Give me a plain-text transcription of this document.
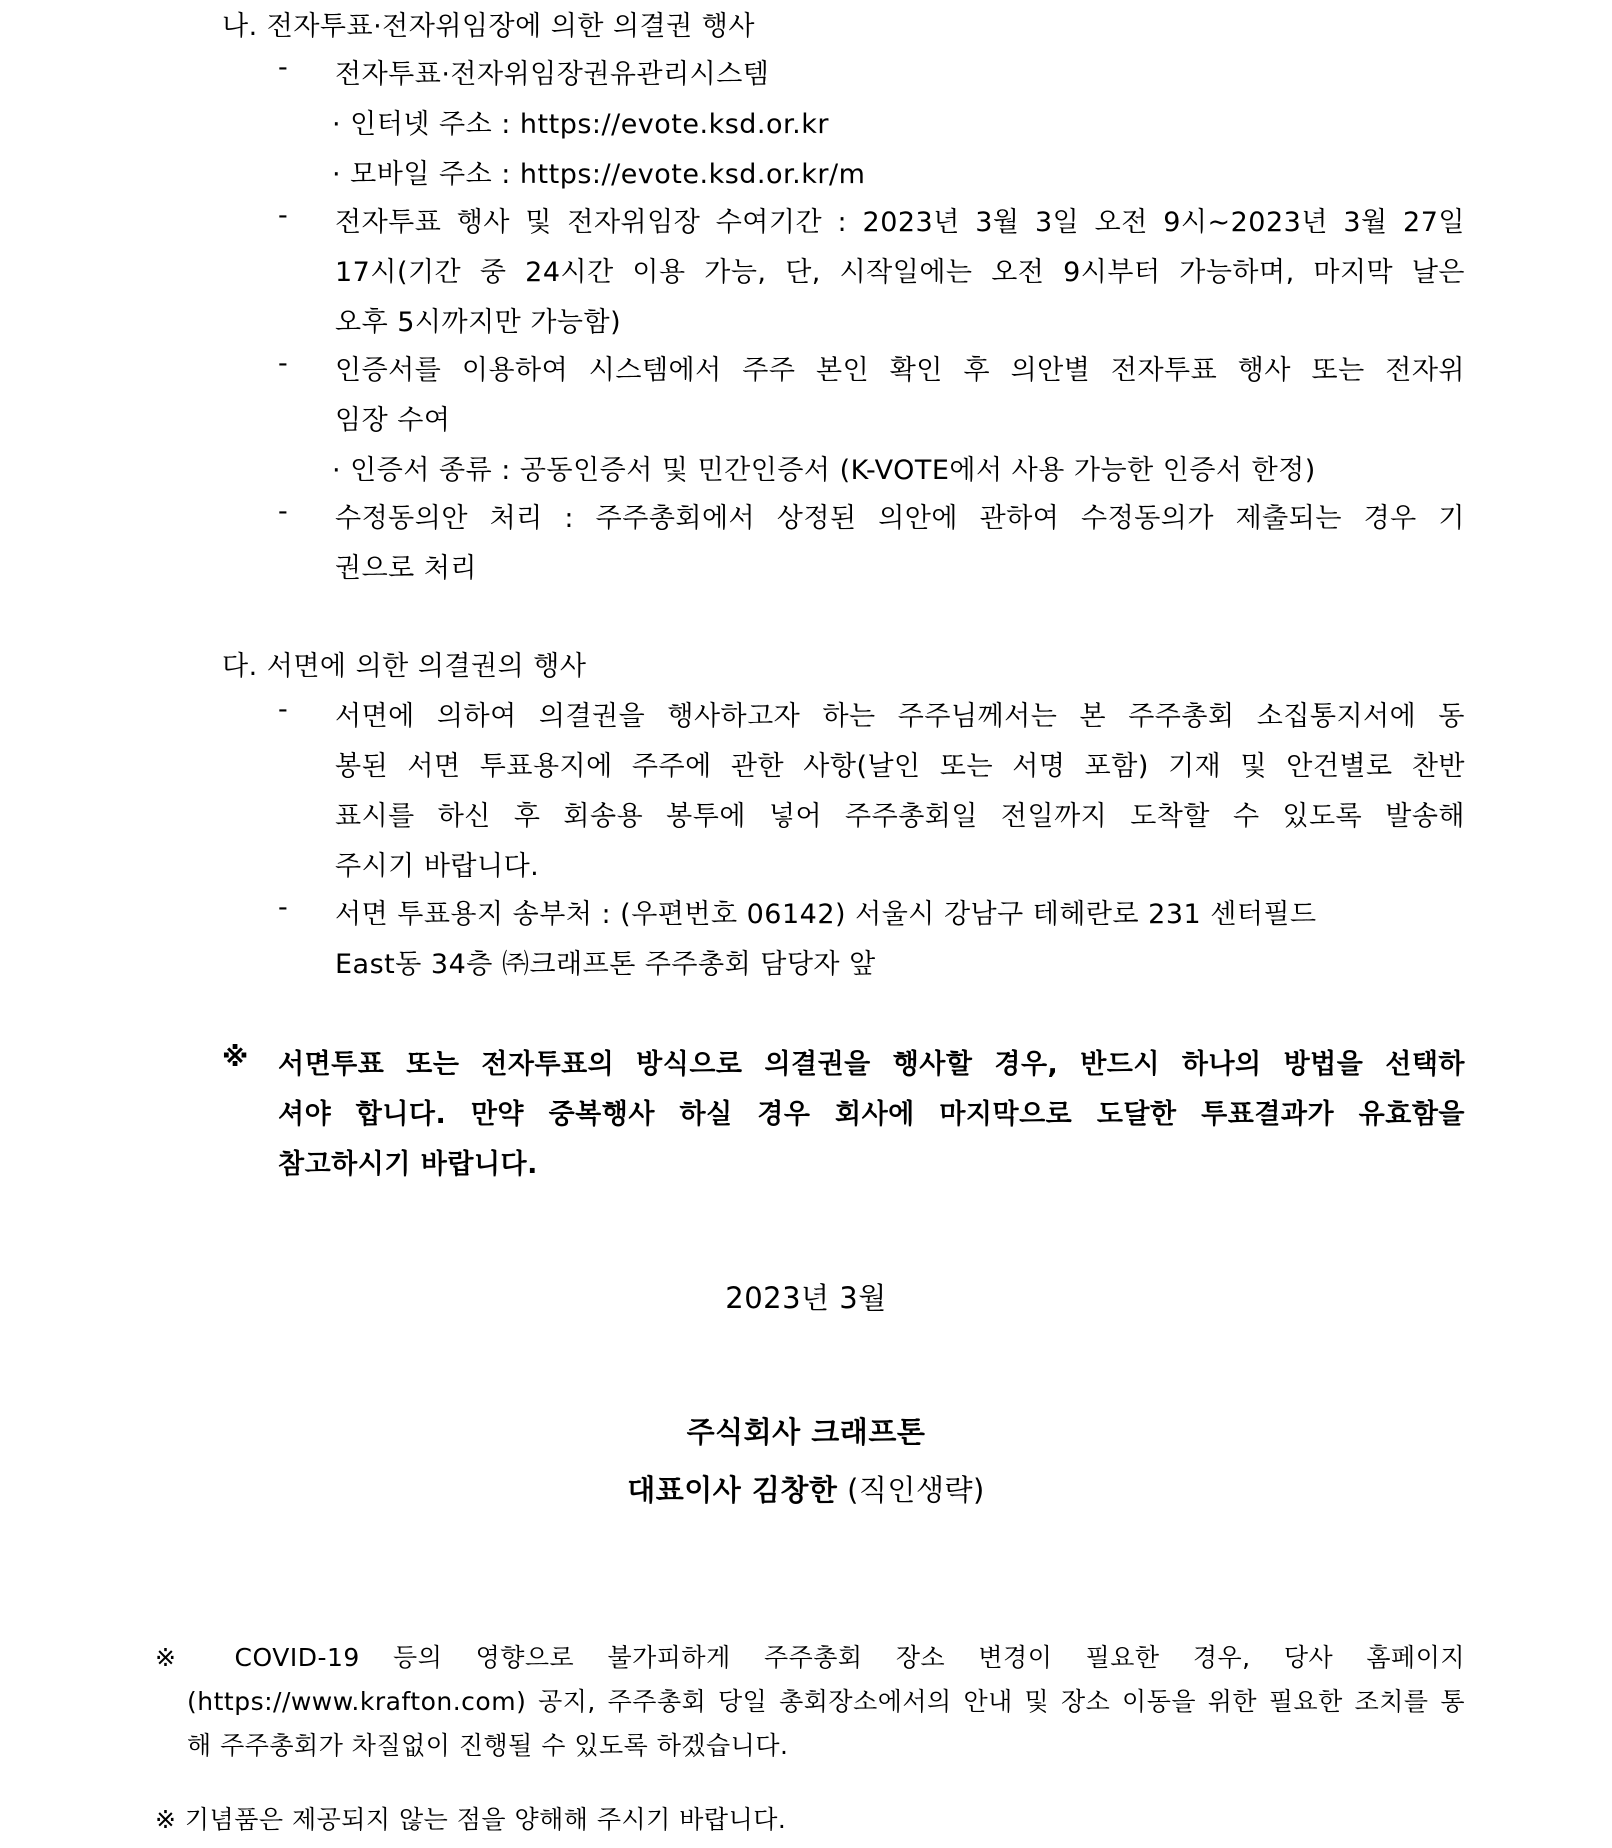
나. 전자투표·전자위임장에 의한 의결권 행사
- 전자투표·전자위임장권유관리시스템
· 인터넷 주소 : https://evote.ksd.or.kr
· 모바일 주소 : https://evote.ksd.or.kr/m
- 전자투표 행사 및 전자위임장 수여기간 : 2023년 3월 3일 오전 9시~2023년 3월 27일
17시(기간 중 24시간 이용 가능, 단, 시작일에는 오전 9시부터 가능하며, 마지막 날은
오후 5시까지만 가능함)
- 인증서를 이용하여 시스템에서 주주 본인 확인 후 의안별 전자투표 행사 또는 전자위
임장 수여
· 인증서 종류 : 공동인증서 및 민간인증서 (K-VOTE에서 사용 가능한 인증서 한정)
- 수정동의안 처리 : 주주총회에서 상정된 의안에 관하여 수정동의가 제출되는 경우 기
권으로 처리
다. 서면에 의한 의결권의 행사
- 서면에 의하여 의결권을 행사하고자 하는 주주님께서는 본 주주총회 소집통지서에 동
봉된 서면 투표용지에 주주에 관한 사항(날인 또는 서명 포함) 기재 및 안건별로 찬반
표시를 하신 후 회송용 봉투에 넣어 주주총회일 전일까지 도착할 수 있도록 발송해
주시기 바랍니다.
- 서면 투표용지 송부처 : (우편번호 06142) 서울시 강남구 테헤란로 231 센터필드
East동 34층 ㈜크래프톤 주주총회 담당자 앞
※ 서면투표 또는 전자투표의 방식으로 의결권을 행사할 경우, 반드시 하나의 방법을 선택하
셔야 합니다. 만약 중복행사 하실 경우 회사에 마지막으로 도달한 투표결과가 유효함을
참고하시기 바랍니다.
2023년 3월
주식회사 크래프톤
대표이사 김창한 (직인생략)
※ COVID-19 등의 영향으로 불가피하게 주주총회 장소 변경이 필요한 경우, 당사 홈페이지
(https://www.krafton.com) 공지, 주주총회 당일 총회장소에서의 안내 및 장소 이동을 위한 필요한 조치를 통
해 주주총회가 차질없이 진행될 수 있도록 하겠습니다.
※ 기념품은 제공되지 않는 점을 양해해 주시기 바랍니다.
